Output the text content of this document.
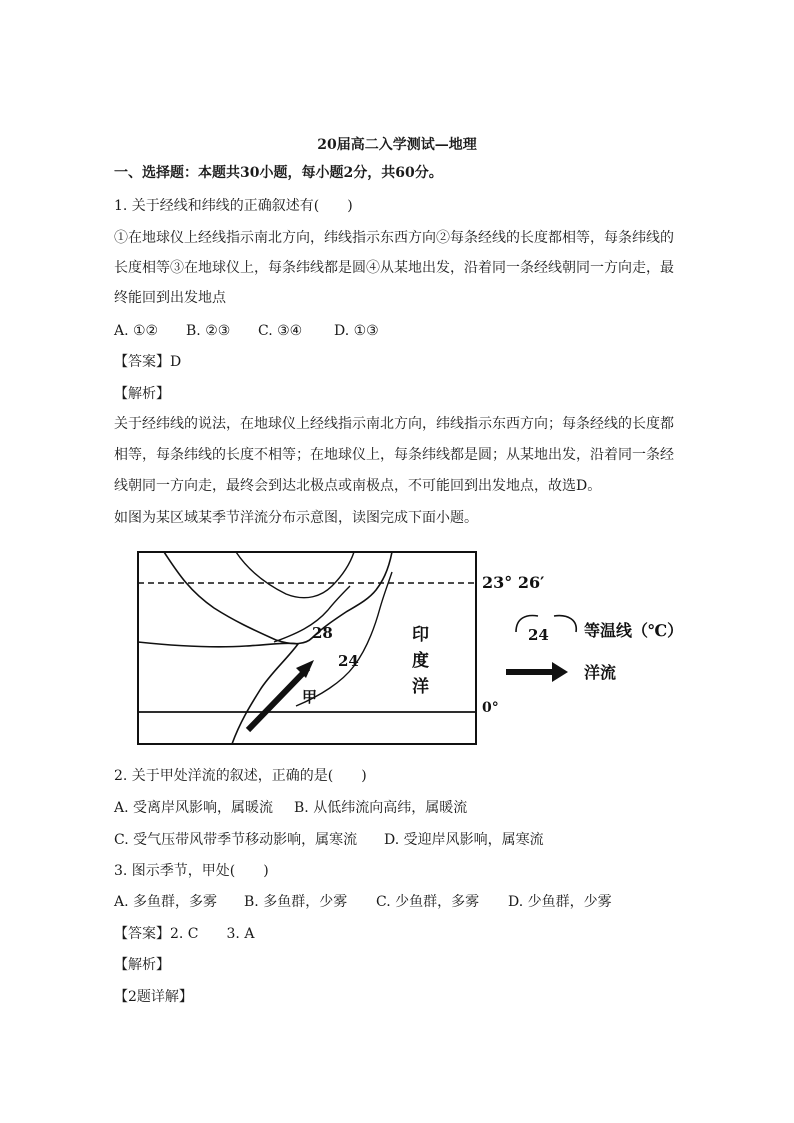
20届高二入学测试—地理
一、选择题：本题共30小题，每小题2分，共60分。
1. 关于经线和纬线的正确叙述有(　　)
①在地球仪上经线指示南北方向，纬线指示东西方向②每条经线的长度都相等，每条纬线的
长度相等③在地球仪上，每条纬线都是圆④从某地出发，沿着同一条经线朝同一方向走，最
终能回到出发地点
A. ①② B. ②③ C. ③④ D. ①③
【答案】D
【解析】
关于经纬线的说法，在地球仪上经线指示南北方向，纬线指示东西方向；每条经线的长度都
相等，每条纬线的长度不相等；在地球仪上，每条纬线都是圆；从某地出发，沿着同一条经
线朝同一方向走，最终会到达北极点或南极点，不可能回到出发地点，故选D。
如图为某区域某季节洋流分布示意图，读图完成下面小题。
28
24
甲
印
度
洋
23° 26′
0°
24 等温线（℃）
洋流
2. 关于甲处洋流的叙述，正确的是(　　)
A. 受离岸风影响，属暖流 B. 从低纬流向高纬，属暖流
C. 受气压带风带季节移动影响，属寒流 D. 受迎岸风影响，属寒流
3. 图示季节，甲处(　　)
A. 多鱼群，多雾 B. 多鱼群，少雾 C. 少鱼群，多雾 D. 少鱼群，少雾
【答案】2. C　　3. A
【解析】
【2题详解】
